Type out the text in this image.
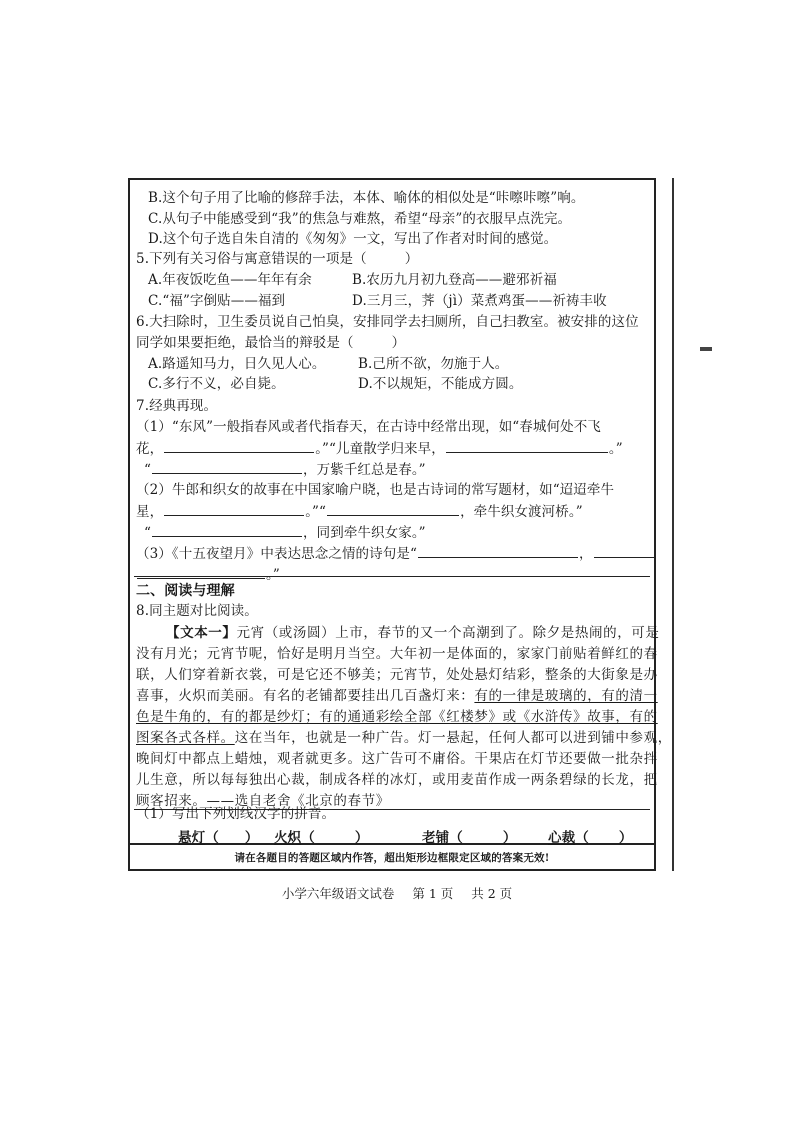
请在各题目的答题区域内作答，超出矩形边框限定区域的答案无效!
B.这个句子用了比喻的修辞手法，本体、喻体的相似处是“咔嚓咔嚓”响。
C.从句子中能感受到“我”的焦急与难熬，希望“母亲”的衣服早点洗完。
D.这个句子选自朱自清的《匆匆》一文，写出了作者对时间的感觉。
5.下列有关习俗与寓意错误的一项是（	）
A.年夜饭吃鱼——年年有余	B.农历九月初九登高——避邪祈福
C.“福”字倒贴——福到	D.三月三，荠（jì）菜煮鸡蛋——祈祷丰收
6.大扫除时，卫生委员说自己怕臭，安排同学去扫厕所，自己扫教室。被安排的这位
同学如果要拒绝，最恰当的辩驳是（	）
A.路遥知马力，日久见人心。 B.己所不欲，勿施于人。
C.多行不义，必自毙。	D.不以规矩，不能成方圆。
7.经典再现。
（1）“东风”一般指春风或者代指春天，在古诗中经常出现，如“春城何处不飞
花，	。”“儿童散学归来早，	。”
“	，万紫千红总是春。”
（2）牛郎和织女的故事在中国家喻户晓，也是古诗词的常写题材，如“迢迢牵牛
星，	。”“	，牵牛织女渡河桥。”
“	，同到牵牛织女家。”
（3）《十五夜望月》中表达思念之情的诗句是“	，
。”
二、阅读与理解
8.同主题对比阅读。
【文本一】元宵（或汤圆）上市，春节的又一个高潮到了。除夕是热闹的，可是
没有月光；元宵节呢，恰好是明月当空。大年初一是体面的，家家门前贴着鲜红的春
联，人们穿着新衣裳，可是它还不够美；元宵节，处处悬灯结彩，整条的大街象是办
喜事，火炽而美丽。有名的老铺都要挂出几百盏灯来：有的一律是玻璃的，有的清一
色是牛角的，有的都是纱灯；有的通通彩绘全部《红楼梦》或《水浒传》故事，有的
图案各式各样。这在当年，也就是一种广告。灯一悬起，任何人都可以进到铺中参观，
晚间灯中都点上蜡烛，观者就更多。这广告可不庸俗。干果店在灯节还要做一批杂拌
儿生意，所以每每独出心裁，制成各样的冰灯，或用麦苗作成一两条碧绿的长龙，把
顾客招来。——选自老舍《北京的春节》
（1）写出下列划线汉字的拼音。
悬灯（ ） 火炽（	）	老铺（	） 心裁（ ）
小学六年级语文试卷 第 1 页 共 2 页
